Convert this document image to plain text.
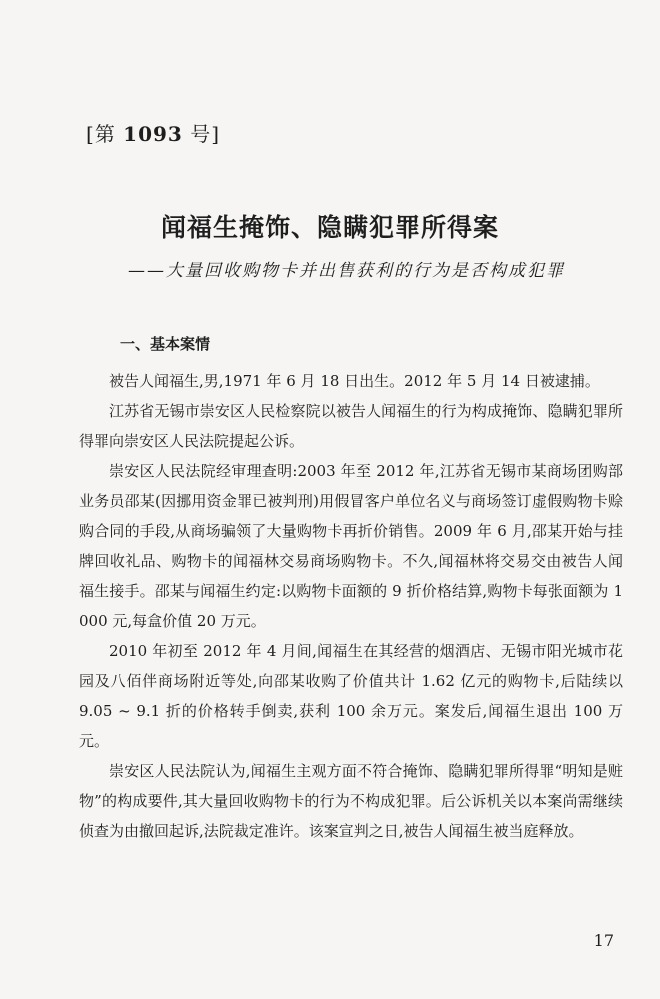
[第 1093 号]
闻福生掩饰、隐瞒犯罪所得案
——大量回收购物卡并出售获利的行为是否构成犯罪
一、基本案情

被告人闻福生,男,1971 年 6 月 18 日出生。2012 年 5 月 14 日被逮捕。

江苏省无锡市崇安区人民检察院以被告人闻福生的行为构成掩饰、隐瞒犯罪所得罪向崇安区人民法院提起公诉。

崇安区人民法院经审理查明:2003 年至 2012 年,江苏省无锡市某商场团购部业务员邵某(因挪用资金罪已被判刑)用假冒客户单位名义与商场签订虚假购物卡赊购合同的手段,从商场骗领了大量购物卡再折价销售。2009 年 6 月,邵某开始与挂牌回收礼品、购物卡的闻福林交易商场购物卡。不久,闻福林将交易交由被告人闻福生接手。邵某与闻福生约定:以购物卡面额的 9 折价格结算,购物卡每张面额为 1 000 元,每盒价值 20 万元。

2010 年初至 2012 年 4 月间,闻福生在其经营的烟酒店、无锡市阳光城市花园及八佰伴商场附近等处,向邵某收购了价值共计 1.62 亿元的购物卡,后陆续以 9.05 ~ 9.1 折的价格转手倒卖,获利 100 余万元。案发后,闻福生退出 100 万元。

崇安区人民法院认为,闻福生主观方面不符合掩饰、隐瞒犯罪所得罪“明知是赃物”的构成要件,其大量回收购物卡的行为不构成犯罪。后公诉机关以本案尚需继续侦查为由撤回起诉,法院裁定准许。该案宣判之日,被告人闻福生被当庭释放。

17
